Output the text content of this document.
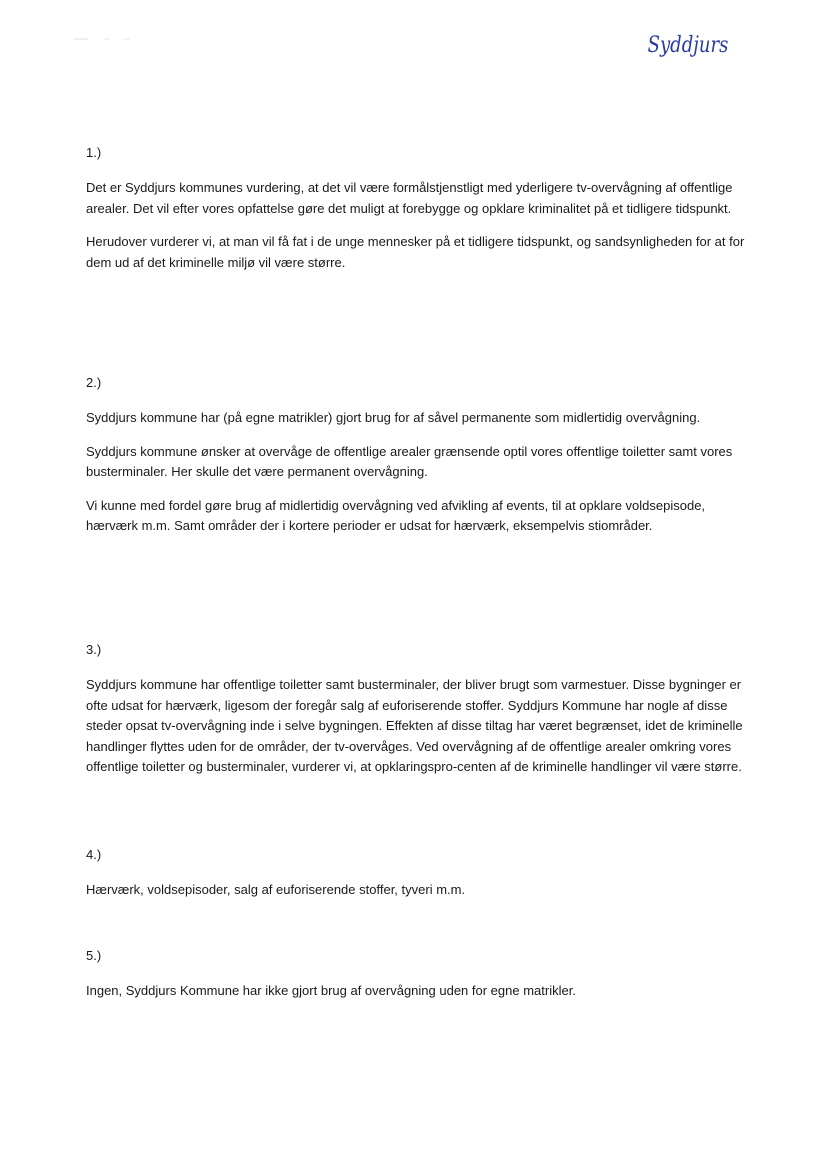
Syddjurs

1.)

Det er Syddjurs kommunes vurdering, at det vil være formålstjenstligt med yderligere tv-overvågning af offentlige arealer. Det vil efter vores opfattelse gøre det muligt at forebygge og opklare kriminalitet på et tidligere tidspunkt.

Herudover vurderer vi, at man vil få fat i de unge mennesker på et tidligere tidspunkt, og sandsynligheden for at for dem ud af det kriminelle miljø vil være større.

2.)

Syddjurs kommune har (på egne matrikler) gjort brug for af såvel permanente som midlertidig overvågning.

Syddjurs kommune ønsker at overvåge de offentlige arealer grænsende optil vores offentlige toiletter samt vores busterminaler. Her skulle det være permanent overvågning.

Vi kunne med fordel gøre brug af midlertidig overvågning ved afvikling af events, til at opklare voldsepisode, hærværk m.m. Samt områder der i kortere perioder er udsat for hærværk, eksempelvis stiområder.

3.)

Syddjurs kommune har offentlige toiletter samt busterminaler, der bliver brugt som varmestuer. Disse bygninger er ofte udsat for hærværk, ligesom der foregår salg af euforiserende stoffer. Syddjurs Kommune har nogle af disse steder opsat tv-overvågning inde i selve bygningen. Effekten af disse tiltag har været begrænset, idet de kriminelle handlinger flyttes uden for de områder, der tv-overvåges. Ved overvågning af de offentlige arealer omkring vores offentlige toiletter og busterminaler, vurderer vi, at opklaringspro-centen af de kriminelle handlinger vil være større.

4.)

Hærværk, voldsepisoder, salg af euforiserende stoffer, tyveri m.m.

5.)

Ingen, Syddjurs Kommune har ikke gjort brug af overvågning uden for egne matrikler.
